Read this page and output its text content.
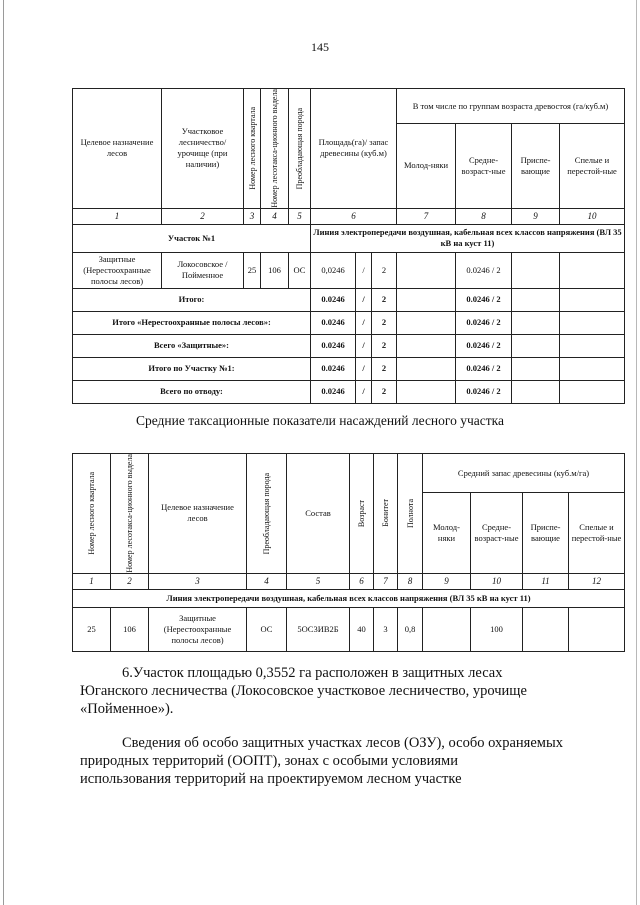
145
Целевое назначение лесов	Участковое лесничество/ урочище (при наличии)	Номер лесного квартала	Номер лесотакса-ционного выдела	Преобладающая порода	Площадь(га)/ запас древесины (куб.м)			В том числе по группам возраста древостоя (га/куб.м)			
								Молод-няки	Средне-возраст-ные	Приспе-вающие	Спелые и перестой-ные
1	2	3	4	5	6			7	8	9	10
Участок №1					Линия электропередачи воздушная, кабельная всех классов напряжения (ВЛ 35 кВ на куст 11)						
Защитные (Нерестоохранные полосы лесов)	Локосовское / Пойменное	25	106	ОС	0,0246	/	2		0.0246 / 2		
Итого:					0.0246	/	2		0.0246 / 2		
Итого «Нерестоохранные полосы лесов»:					0.0246	/	2		0.0246 / 2		
Всего «Защитные»:					0.0246	/	2		0.0246 / 2		
Итого по Участку №1:					0.0246	/	2		0.0246 / 2		
Всего по отводу:					0.0246	/	2		0.0246 / 2		
Средние таксационные показатели насаждений лесного участка
Номер лесного квартала	Номер лесотакса-ционного выдела	Целевое назначение лесов	Преобладающая порода	Состав	Возраст	Бонитет	Полнота	Средний запас древесины (куб.м/га)			
								Молод-няки	Средне-возраст-ные	Приспе-вающие	Спелые и перестой-ные
1	2	3	4	5	6	7	8	9	10	11	12
Линия электропередачи воздушная, кабельная всех классов напряжения (ВЛ 35 кВ на куст 11)											
25	106	Защитные (Нерестоохранные полосы лесов)	ОС	5ОС3ИВ2Б	40	3	0,8		100		
6.Участок площадью 0,3552 га расположен в защитных лесах
Юганского лесничества (Локосовское участковое лесничество, урочище
«Пойменное»).
Сведения об особо защитных участках лесов (ОЗУ), особо охраняемых
природных территорий (ООПТ), зонах с особыми условиями
использования территорий на проектируемом лесном участке
